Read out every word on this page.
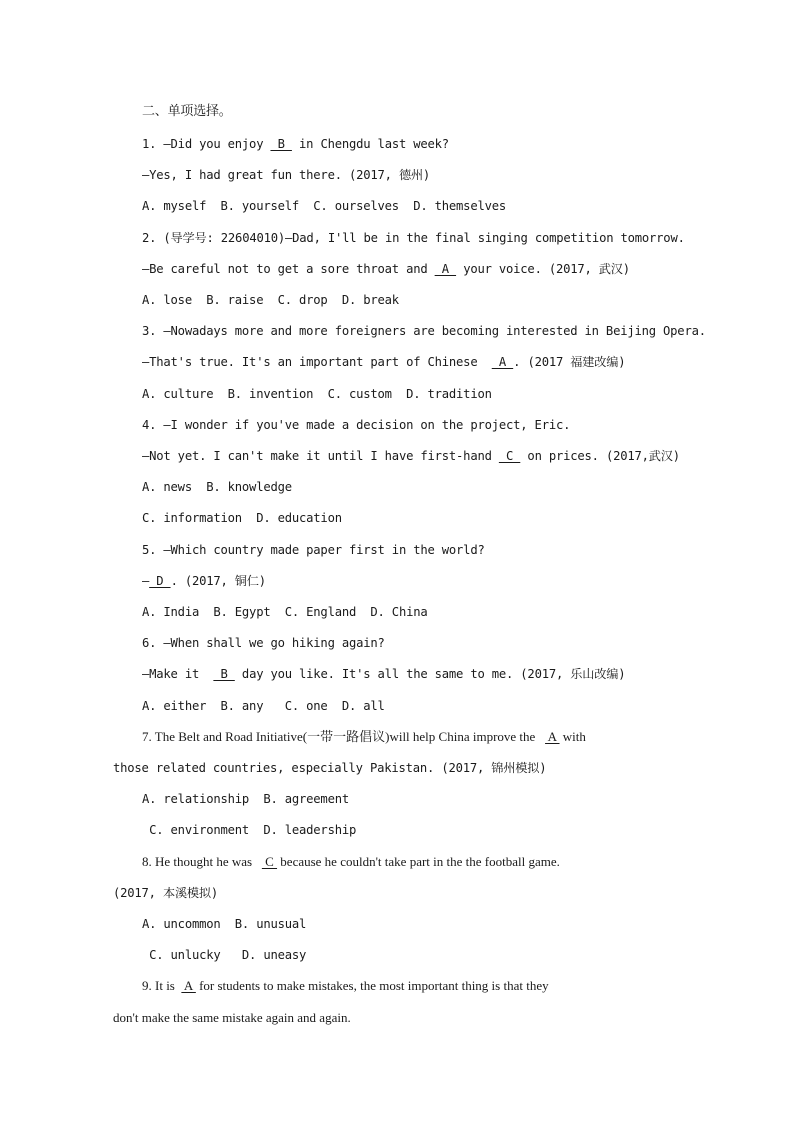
二、单项选择。
1. —Did you enjoy  B  in Chengdu last week?
—Yes, I had great fun there. (2017, 德州)
A. myself  B. yourself  C. ourselves  D. themselves
2. (导学号: 22604010)—Dad, I'll be in the final singing competition tomorrow.
—Be careful not to get a sore throat and  A  your voice. (2017, 武汉)
A. lose  B. raise  C. drop  D. break
3. —Nowadays more and more foreigners are becoming interested in Beijing Opera.
—That's true. It's an important part of Chinese   A . (2017 福建改编)
A. culture  B. invention  C. custom  D. tradition
4. —I wonder if you've made a decision on the project, Eric.
—Not yet. I can't make it until I have first-hand  C  on prices. (2017,武汉)
A. news  B. knowledge
C. information  D. education
5. —Which country made paper first in the world?
— D . (2017, 铜仁)
A. India  B. Egypt  C. England  D. China
6. —When shall we go hiking again?
—Make it   B  day you like. It's all the same to me. (2017, 乐山改编)
A. either  B. any   C. one  D. all
7. The Belt and Road Initiative(一带一路倡议)will help China improve the    A  with
those related countries, especially Pakistan. (2017, 锦州模拟)
A. relationship  B. agreement
C. environment  D. leadership
8. He thought he was    C  because he couldn't take part in the the football game.
(2017, 本溪模拟)
A. uncommon  B. unusual
C. unlucky   D. uneasy
9. It is   A  for students to make mistakes, the most important thing is that they
don't make the same mistake again and again.
